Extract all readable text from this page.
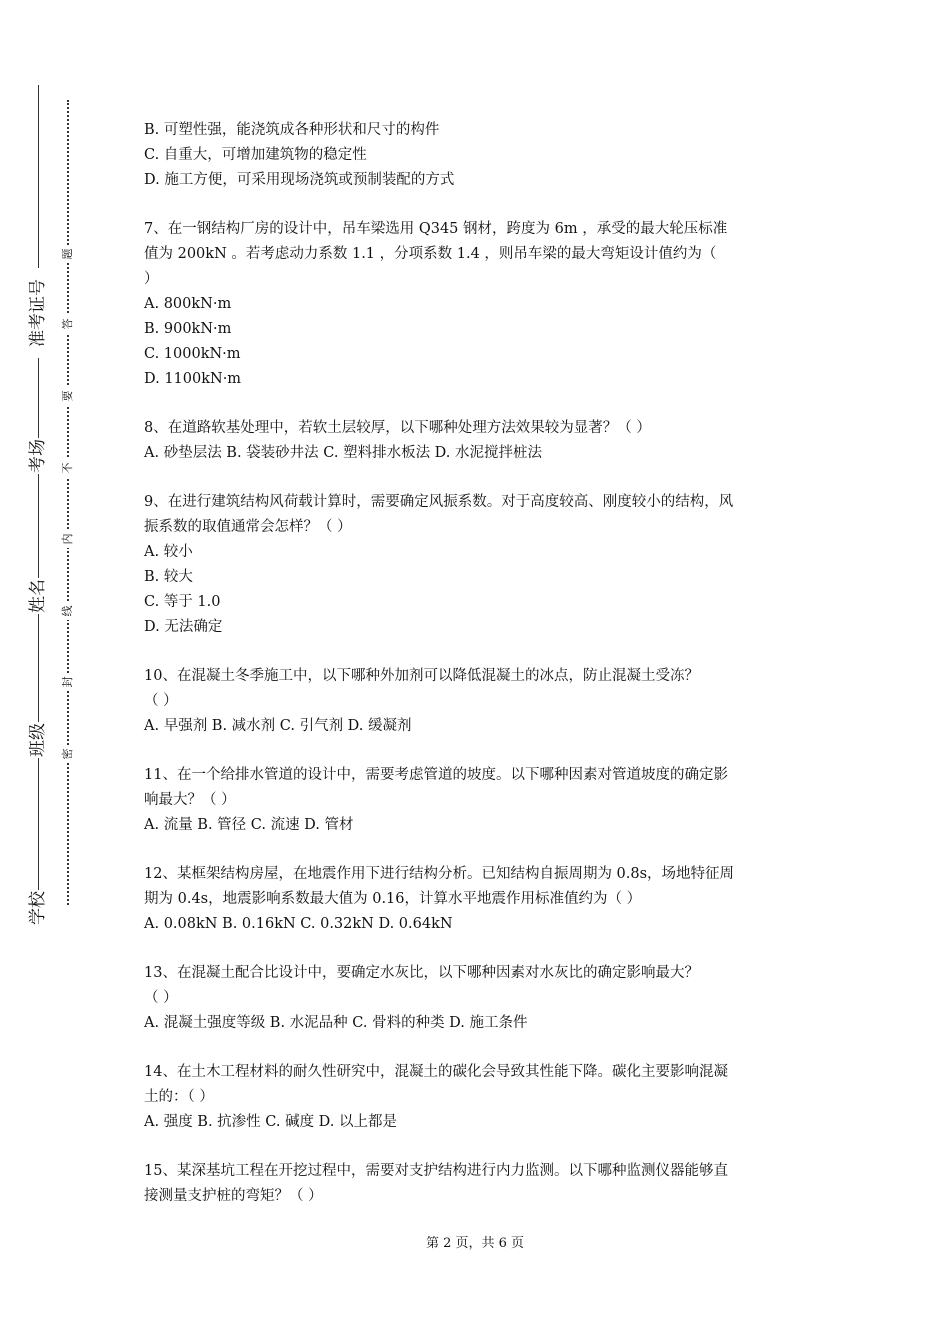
准考证号
考场
姓名
班级
学校
题
答
要
不
内
线
封
密
B. 可塑性强，能浇筑成各种形状和尺寸的构件
C. 自重大，可增加建筑物的稳定性
D. 施工方便，可采用现场浇筑或预制装配的方式
7、在一钢结构厂房的设计中，吊车梁选用 Q345 钢材，跨度为 6m ，承受的最大轮压标准
值为 200kN 。若考虑动力系数 1.1 ，分项系数 1.4 ，则吊车梁的最大弯矩设计值约为（
）
A. 800kN·m
B. 900kN·m
C. 1000kN·m
D. 1100kN·m
8、在道路软基处理中，若软土层较厚，以下哪种处理方法效果较为显著？（ ）
A. 砂垫层法 B. 袋装砂井法 C. 塑料排水板法 D. 水泥搅拌桩法
9、在进行建筑结构风荷载计算时，需要确定风振系数。对于高度较高、刚度较小的结构，风
振系数的取值通常会怎样？（ ）
A. 较小
B. 较大
C. 等于 1.0
D. 无法确定
10、在混凝土冬季施工中，以下哪种外加剂可以降低混凝土的冰点，防止混凝土受冻？
（ ）
A. 早强剂 B. 减水剂 C. 引气剂 D. 缓凝剂
11、在一个给排水管道的设计中，需要考虑管道的坡度。以下哪种因素对管道坡度的确定影
响最大？（ ）
A. 流量 B. 管径 C. 流速 D. 管材
12、某框架结构房屋，在地震作用下进行结构分析。已知结构自振周期为 0.8s，场地特征周
期为 0.4s，地震影响系数最大值为 0.16，计算水平地震作用标准值约为（ ）
A. 0.08kN B. 0.16kN C. 0.32kN D. 0.64kN
13、在混凝土配合比设计中，要确定水灰比，以下哪种因素对水灰比的确定影响最大？
（ ）
A. 混凝土强度等级 B. 水泥品种 C. 骨料的种类 D. 施工条件
14、在土木工程材料的耐久性研究中，混凝土的碳化会导致其性能下降。碳化主要影响混凝
土的：（ ）
A. 强度 B. 抗渗性 C. 碱度 D. 以上都是
15、某深基坑工程在开挖过程中，需要对支护结构进行内力监测。以下哪种监测仪器能够直
接测量支护桩的弯矩？（ ）
第 2 页，共 6 页
